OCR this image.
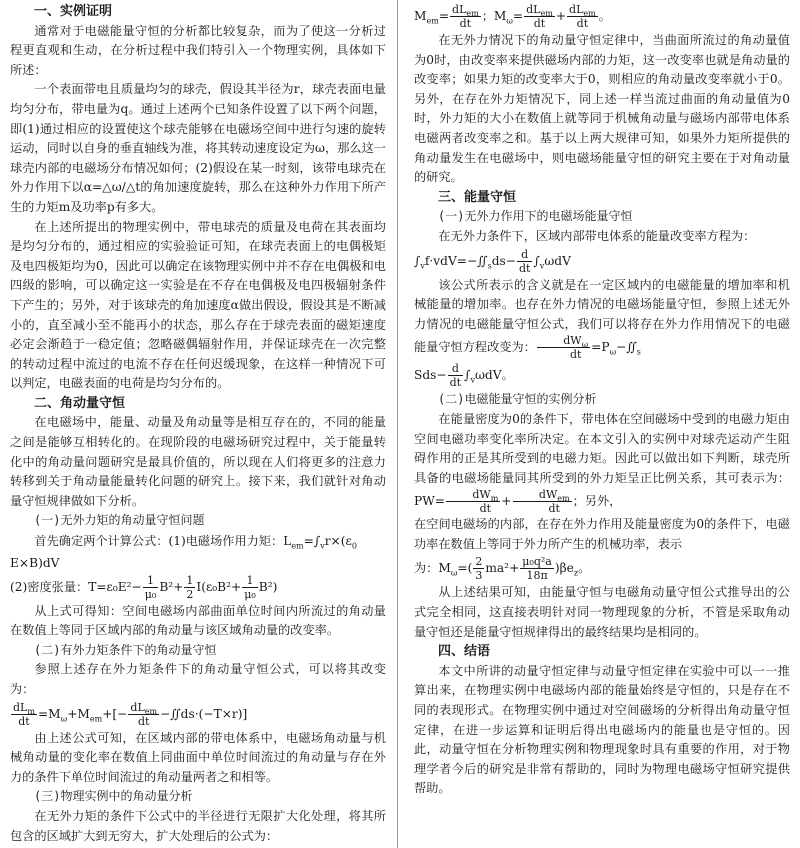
一、实例证明

通常对于电磁能量守恒的分析都比较复杂，而为了使这一分析过程更直观和生动，在分析过程中我们特引入一个物理实例，具体如下所述：

一个表面带电且质量均匀的球壳，假设其半径为r，球壳表面电量均匀分布，带电量为q。通过上述两个已知条件设置了以下两个问题，即(1)通过相应的设置使这个球壳能够在电磁场空间中进行匀速的旋转运动，同时以自身的垂直轴线为准，将其转动速度设定为ω，那么这一球壳内部的电磁场分布情况如何；(2)假设在某一时刻，该带电球壳在外力作用下以α=△ω/△t的角加速度旋转，那么在这种外力作用下所产生的力矩m及功率p有多大。

在上述所提出的物理实例中，带电球壳的质量及电荷在其表面均是均匀分布的，通过相应的实验验证可知，在球壳表面上的电偶极矩及电四极矩均为0，因此可以确定在该物理实例中并不存在电偶极和电四级的影响，可以确定这一实验是在不存在电偶极及电四极辐射条件下产生的；另外，对于该球壳的角加速度α做出假设，假设其是不断减小的，直至减小至不能再小的状态，那么存在于球壳表面的磁矩速度必定会渐趋于一稳定值；忽略磁偶辐射作用，并保证球壳在一次完整的转动过程中流过的电流不存在任何迟缓现象，在这样一种情况下可以判定，电磁表面的电荷是均匀分布的。

二、角动量守恒

在电磁场中，能量、动量及角动量等是相互存在的，不同的能量之间是能够互相转化的。在现阶段的电磁场研究过程中，关于能量转化中的角动量问题研究是最具价值的，所以现在人们将更多的注意力转移到关于角动量能量转化问题的研究上。接下来，我们就针对角动量守恒规律做如下分析。

(一)无外力矩的角动量守恒问题

首先确定两个计算公式：(1)电磁场作用力矩：$L_{em}=\int_vr\times(\varepsilon_0$

E×B)dV

(2)密度张量：$T=\varepsilon_0E^2- \frac{1}{\text{μ₀}} B^2+ \frac{1}{2} I(\varepsilon_0B^2+ \frac{1}{\text{μ₀}} B^2)$

从上式可得知：空间电磁场内部曲面单位时间内所流过的角动量在数值上等同于区域内部的角动量与该区域角动量的改变率。

(二)有外力矩条件下的角动量守恒

参照上述存在外力矩条件下的角动量守恒公式，可以将其改变为：

$\frac{dL_m}{dt} =M_\omega+M_{em}+[- \frac{dL_{em}}{dt}$ −∬ds·(−T×r)]

由上述公式可知，在区域内部的带电体系中，电磁场角动量与机械角动量的变化率在数值上同曲面中单位时间流过的角动量与存在外力的条件下单位时间流过的角动量两者之和相等。

(三)物理实例中的角动量分析

在无外力矩的条件下公式中的半径进行无限扩大化处理，将其所包含的区域扩大到无穷大，扩大处理后的公式为：

$M_{em}= \frac{dL_{em}}{dt}$ ；$M_\omega= \frac{dL_{em}}{dt} + \frac{dL_{em}}{dt}$ 。

在无外力情况下的角动量守恒定律中，当曲面所流过的角动量值为0时，由改变率来提供磁场内部的力矩，这一改变率也就是角动量的改变率；如果力矩的改变率大于0，则相应的角动量改变率就小于0。另外，在存在外力矩情况下，同上述一样当流过曲面的角动量值为0时，外力矩的大小在数值上就等同于机械角动量与磁场内部带电体系电磁两者改变率之和。基于以上两大规律可知，如果外力矩所提供的角动量发生在电磁场中，则电磁场能量守恒的研究主要在于对角动量的研究。

三、能量守恒
(一)无外力作用下的电磁场能量守恒

在无外力条件下，区域内部带电体系的能量改变率方程为：

$\int_vf\cdot vdV=-∬_sds- \frac{d}{dt} \int_v\omega dV$

该公式所表示的含义就是在一定区域内的电磁能量的增加率和机械能量的增加率。也存在外力情况的电磁场能量守恒，参照上述无外力情况的电磁能量守恒公式，我们可以将存在外力作用情况下的电磁能量守恒方程改变为： $\frac{dW_\omega}{dt}$ $=P_\omega-∬_s$

$Sds- \frac{d}{dt} \int_v\omega dV$。

(二)电磁能量守恒的实例分析

在能量密度为0的条件下，带电体在空间磁场中受到的电磁力矩由空间电磁功率变化率所决定。在本文引入的实例中对球壳运动产生阻碍作用的正是其所受到的电磁力矩。因此可以做出如下判断，球壳所具备的电磁场能量同其所受到的外力矩呈正比例关系，其可表示为：$PW= \frac{dW_m}{dt} + \frac{dW_{em}}{dt}$ ；另外，

在空间电磁场的内部，在存在外力作用及能量密度为0的条件下，电磁功率在数值上等同于外力所产生的机械功率，表示

为：$M_\omega=( \frac{2}{3} ma^2+ \frac{\text{μ₀q²a}}{18\pi} )\beta e_z$。

从上述结果可知，由能量守恒与电磁角动量守恒公式推导出的公式完全相同，这直接表明针对同一物理现象的分析，不管是采取角动量守恒还是能量守恒规律得出的最终结果均是相同的。

四、结语

本文中所讲的动量守恒定律与动量守恒定律在实验中可以一一推算出来，在物理实例中电磁场内部的能量始终是守恒的，只是存在不同的表现形式。在物理实例中通过对空间磁场的分析得出角动量守恒定律，在进一步运算和证明后得出电磁场内的能量也是守恒的。因此，动量守恒在分析物理实例和物理现象时具有重要的作用，对于物理学者今后的研究是非常有帮助的，同时为物理电磁场守恒研究提供帮助。
